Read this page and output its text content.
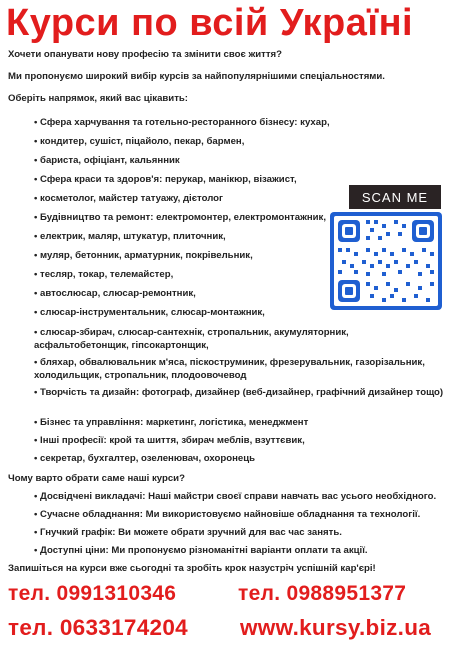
Курси по всій Україні
Хочети опанувати нову професію та змінити своє життя?
Ми пропонуємо широкий вибір курсів за найпопулярнішими спеціальностями.
Оберіть напрямок, який вас цікавить:
• Сфера харчування та готельно-ресторанного бізнесу: кухар,
• кондитер, сушіст, піцайоло, пекар, бармен,
• бариста, офіціант, кальянник
• Сфера краси та здоров'я: перукар, манікюр, візажист,
• косметолог, майстер татуажу, дієтолог
• Будівництво та ремонт: електромонтер, електромонтажник,
• електрик, маляр, штукатур, плиточник,
• муляр, бетонник, арматурник, покрівельник,
• тесляр, токар, телемайстер,
• автослюсар, слюсар-ремонтник,
• слюсар-інструментальник, слюсар-монтажник,
• слюсар-збирач, слюсар-сантехнік, стропальник, акумуляторник, асфальтобетонщик, гіпсокартонщик,
• бляхар, обвалювальник м'яса, піскоструминик, фрезерувальник, газорізальник, холодильщик, стропальник, плодоовочевод
• Творчість та дизайн: фотограф, дизайнер (веб-дизайнер, графічний дизайнер тощо)
• Бізнес та управління: маркетинг, логістика, менеджмент
• Інші професії: крой та шиття, збирач меблів, взуттєвик,
• секретар, бухгалтер, озеленювач, охоронець
Чому варто обрати саме наші курси?
• Досвідчені викладачі: Наші майстри своєї справи навчать вас усього необхідного.
• Сучасне обладнання: Ми використовуємо найновіше обладнання та технології.
• Гнучкий графік: Ви можете обрати зручний для вас час занять.
• Доступні ціни: Ми пропонуємо різноманітні варіанти оплати та акції.
Запишіться на курси вже сьогодні та зробіть крок назустріч успішній кар'єрі!
тел. 0991310346	тел. 0988951377
SCAN ME
тел. 0633174204 www.kursy.biz.ua
